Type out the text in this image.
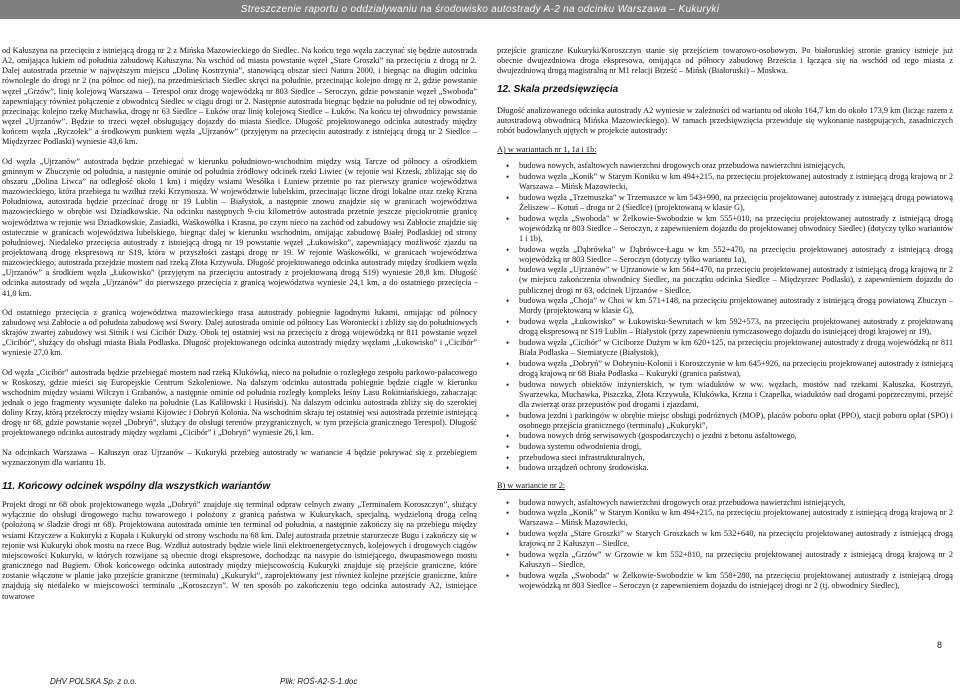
Streszczenie raportu o oddziaływaniu na środowisko autostrady A-2 na odcinku Warszawa – Kukuryki

od Kałuszyna na przecięciu z istniejącą drogą nr 2 z Mińska Mazowieckiego do Siedlec. Na końcu tego węzła zaczynać się będzie autostrada A2, omijająca łukiem od południa zabudowę Kałuszyna. Na wschód od miasta powstanie węzeł „Stare Groszki” na przecięciu z drogą nr 2. Dalej autostrada przetnie w najwęższym miejscu „Dolinę Kostrzynia”, stanowiącą obszar sieci Natura 2000, i biegnąc na długim odcinku równolegle do drogi nr 2 (na północ od niej), na przedmieściach Siedlec skręci na południe, przecinając kolejno drogę nr 2, gdzie powstanie węzeł „Grzów”, linię kolejową Warszawa – Terespol oraz drogę wojewódzką nr 803 Siedlce – Seroczyn, gdzie powstanie węzeł „Swoboda” zapewniający również połączenie z obwodnicą Siedlec w ciągu drogi nr 2. Następnie autostrada biegnąc będzie na południe od tej obwodnicy, przecinając kolejno rzekę Muchawka, drogę nr 63 Siedlce – Łuków oraz linię kolejową Siedlce – Łuków. Na końcu tej obwodnicy powstanie węzeł „Ujrzanów”. Będzie to trzeci węzeł obsługujący dojazdy do miasta Siedlce. Długość projektowanego odcinka autostrady między końcem węzła „Ryczołek” a środkowym punktem węzła „Ujrzanów” (przyjętym na przecięciu autostrady z istniejącą drogą nr 2 Siedlce – Międzyrzec Podlaski) wyniesie 43,6 km.

Od węzła „Ujrzanów” autostrada będzie przebiegać w kierunku południowo-wschodnim między wsią Tarcze od północy a ośrodkiem gminnym w Zbuczynie od południa, a następnie ominie od południa źródłowy odcinek rzeki Liwiec (w rejonie wsi Krzesk, zbliżając się do obszaru „Dolina Liwca” na odległość około 1 km) i między wsiami Wesółka i Łuniew przetnie po raz pierwszy granice województwa mazowieckiego, która przebiega tu wzdłuż rzeki Krzymosza. W województwie lubelskim, przecinając liczne drogi lokalne oraz rzekę Krzna Południowa, autostrada będzie przecinać drogę nr 19 Lublin – Białystok, a następnie znowu znajdzie się w granicach województwa mazowieckiego w obrębie wsi Dziadkowskie. Na odcinku następnych 9-ciu kilometrów autostrada przetnie jeszcze pięciokrotnie granicę województwa w rejonie wsi Dziadkowskie, Zasiadki, Waśkowólka i Krasna, po czym nieco na zachód od zabudowy wsi Zabłocie znajdzie się ostatecznie w granicach województwa lubelskiego, biegnąc dalej w kierunku wschodnim, omijając zabudowę Białej Podlaskiej od strony południowej. Niedaleko przecięcia autostrady z istniejącą drogą nr 19 powstanie węzeł „Łukowisko”, zapewniający możliwość zjazdu na projektowaną drogę ekspresową nr S19, która w przyszłości zastąpi drogę nr 19. W rejonie Waśkowólki, w granicach województwa mazowieckiego, autostrada przejdzie mostem nad rzeką Złota Krzywuła. Długość projektowanego odcinka autostrady między środkiem węzła „Ujrzanów” a środkiem węzła „Łukowisko” (przyjętym na przecięciu autostrady z projektowaną drogą S19) wyniesie 28,8 km. Długość odcinka autostrady od węzła „Ujrzanów” do pierwszego przecięcia z granicą województwa wyniesie 24,1 km, a do ostatniego przecięcia - 41,0 km.

Od ostatniego przecięcia z granicą województwa mazowieckiego trasa autostrady pobiegnie łagodnymi łukami, omijając od północy zabudowę wsi Zabłocie a od południa zabudowę wsi Swory. Dalej autostrada ominie od północy Las Woroniecki i zbliży się do południowych skrajów zwartej zabudowy wsi Sitnik i wsi Cicibór Duży. Obok tej ostatniej wsi na przecięciu z drogą wojewódzką nr 811 powstanie węzeł „Cicibór”, służący do obsługi miasta Biała Podlaska. Długość projektowanego odcinka autostrady między węzłami „Łukowisko” i „Cicibór” wyniesie 27,0 km.

Od węzła „Cicibór” autostrada będzie przebiegać mostem nad rzeką Klukówką, nieco na południe o rozległego zespołu parkowo-pałacowego w Roskoszy, gdzie mieści się Europejskie Centrum Szkoleniowe. Na dalszym odcinku autostrada pobiegnie będzie ciągle w kierunku wschodnim między wsiami Wilczyn i Grabanów, a następnie ominie od południa rozległy kompleks leśny Lasu Rokitniańskiego, zahaczając jednak o jego fragmenty wysunięte daleko na południe (Las Kaliłowski i Husiński). Na dalszym odcinku autostrada zbliży się do szerokiej doliny Krzy, którą przekroczy między wsiami Kijowiec i Dobryń Kolonia. Na wschodnim skraju tej ostatniej wsi autostrada przetnie istniejącą drogę nr 68, gdzie powstanie węzeł „Dobryń”, służący do obsługi terenów przygranicznych, w tym przejścia granicznego Terespol). Długość projektowanego odcinka autostrady między węzłami „Cicibór” i „Dobryń” wyniesie 26,1 km.

Na odcinkach Warszawa – Kałuszyn oraz Ujrzanów – Kukuryki przebieg autostrady w wariancie 4 będzie pokrywać się z przebiegiem wyznaczonym dla wariantu 1b.

11. Końcowy odcinek wspólny dla wszystkich wariantów

Projekt drogi nr 68 obok projektowanego węzła „Dobryń” znajduje się terminal odpraw celnych zwany „Terminalem Koroszczyn”, służący wyłącznie do obsługi drogowego ruchu towarowego i położony z granicą państwa w Kukurykach, specjalną, wydzieloną drogą celną (położoną w śladzie drogi nr 68). Projektowana autostrada ominie ten terminal od południa, a następnie zakończy się na przebiegu między wsiami Krzyczew a Kukuryki z Kupała i Kukuryki od strony wschodu na 68 km. Dalej autostrada przetnie starorzecze Bugu i zakończy się w rejonie wsi Kukuryki obok mostu na rzece Bug. Wzdłuż autostrady będzie wiele linii elektroenergetycznych, kolejowych i drogowych ciągów miejscowości Kukuryki, w których rozwijane są obecnie drogi ekspresowe, dochodząc na nasypie do istniejącego, dwupasmowego mostu granicznego nad Bugiem. Obok końcowego odcinka autostrady między miejscowością Kukuryki znajduje się przejście graniczne, które zostanie włączone w planie jako przejście graniczne (terminalu) „Kukuryki”, zaprojektowany jest również kolejne przejście graniczne, które znajdują się niedaleko w miejscowości terminalu „Koroszczyn”. W ten sposób po zakończeniu tego odcinka autostrady A2, istniejące towarowe

przejście graniczne Kukuryki/Koroszczyn stanie się przejściem towarowo-osobowym. Po białoruskiej stronie granicy istnieje już obecnie dwujezdniowa droga ekspresowa, omijająca od północy zabudowę Brześcia i łącząca się na wschód od tego miasta z dwujezdniową drogą magistralną nr M1 relacji Brześć – Mińsk (Białoruski) – Moskwa.

12. Skala przedsięwzięcia

Długość analizowanego odcinka autostrady A2 wyniesie w zależności od wariantu od około 164,7 km do około 173,9 km (licząc razem z autostradową obwodnicą Mińska Mazowieckiego). W ramach przedsięwzięcia przewiduje się wykonanie następujących, zasadniczych robót budowlanych ujętych w projekcie autostrady:

A) w wariantach nr 1, 1a i 1b:
• budowa nowych, asfaltowych nawierzchni drogowych oraz przebudowa nawierzchni istniejących,
• budowa węzła „Konik” w Starym Koniku w km 494+215, na przecięciu projektowanej autostrady z istniejącą drogą krajową nr 2 Warszawa – Mińsk Mazowiecki,
• budowa węzła „Trzemuszka” w Trzemuszce w km 543+990, na przecięciu projektowanej autostrady z istniejącą drogą powiatową Żeliszew – Kotuń – droga nr 2 (Siedlce) (projektowaną w klasie G),
• budowa węzła „Swoboda” w Żelkowie-Swobodzie w km 555+010, na przecięciu projektowanej autostrady z istniejącą drogą wojewódzką nr 803 Siedlce – Seroczyn, z zapewnieniem dojazdu do projektowanej obwodnicy Siedlec) (dotyczy tylko wariantów 1 i 1b),
• budowa węzła „Dąbrówka” w Dąbrówce-Łagu w km 552+470, na przecięciu projektowanej autostrady z istniejącą drogą wojewódzką nr 803 Siedlce – Seroczyn (dotyczy tylko wariantu 1a),
• budowa węzła „Ujrzanów” w Ujrzanowie w km 564+470, na przecięciu projektowanej autostrady z istniejącą drogą krajową nr 2 (w miejscu zakończenia obwodnicy Siedlec, na początku odcinka Siedlce – Międzyrzec Podlaski), z zapewnieniem dojazdu do publicznej drogi nr 63, odcinek Ujrzanów - Siedlce,
• budowa węzła „Choja” w Choi w km 571+148, na przecięciu projektowanej autostrady z istniejącą drogą powiatową Zbuczyn – Mordy (projektowaną w klasie G),
• budowa węzła „Łukowisko” w Łukowisku-Sewrutach w km 592+573, na przecięciu projektowanej autostrady z projektowaną drogą ekspresową nr S19 Lublin – Białystok (przy zapewnieniu tymczasowego dojazdu do istniejącej drogi krajowej nr 19),
• budowa węzła „Cicibór” w Ciciborze Dużym w km 620+125, na przecięciu projektowanej autostrady z drogą wojewódzką nr 811 Biała Podlaska – Siemiatycze (Białystok),
• budowa węzła „Dobryń” w Dobryniu-Kolonii i Koroszczynie w km 645+926, na przecięciu projektowanej autostrady z istniejącą drogą krajową nr 68 Biała Podlaska – Kukuryki (granica państwa),
• budowa nowych obiektów inżynierskich, w tym wiaduktów w ww. węzłach, mostów nad rzekami Kałuszka, Kostrzyń, Swarzewka, Muchawka, Piszczka, Złota Krzywuła, Klukówka, Krzna i Czapelka, wiaduktów nad drogami poprzecznymi, przejść dla zwierząt oraz przepustów pod drogami i zjazdami,
• budowa jezdni i parkingów w obrębie miejsc obsługi podróżnych (MOP), placów poboru opłat (PPO), stacji poboru opłat (SPO) i osobnego przejścia granicznego (terminalu) „Kukuryki”,
• budowa nowych dróg serwisowych (gospodarczych) o jezdni z betonu asfaltowego,
• budowa systemu odwodnienia drogi,
• przebudowa sieci infrastrukturalnych,
• budowa urządzeń ochrony środowiska.
B) w wariancie nr 2:
• budowa nowych, asfaltowych nawierzchni drogowych oraz przebudowa nawierzchni istniejących,
• budowa węzła „Konik” w Starym Koniku w km 494+215, na przecięciu projektowanej autostrady z istniejącą drogą krajową nr 2 Warszawa – Mińsk Mazowiecki,
• budowa węzła „Stare Groszki” w Starych Groszkach w km 532+640, na przecięciu projektowanej autostrady z istniejącą drogą krajową nr 2 Kałuszyn – Siedlce,
• budowa węzła „Grzów” w Grzowie w km 552+810, na przecięciu projektowanej autostrady z istniejącą drogą krajową nr 2 Kałuszyn – Siedlce,
• budowa węzła „Swoboda” w Żelkowie-Swobodzie w km 558+280, na przecięciu projektowanej autostrady z istniejącą drogą wojewódzką nr 803 Siedlce – Seroczyn (z zapewnieniem dojazdu do istniejącej drogi nr 2 (tj. obwodnicy Siedlec),
8
DHV POLSKA Sp. z o.o.	Plik: ROŚ-A2-S-1.doc
